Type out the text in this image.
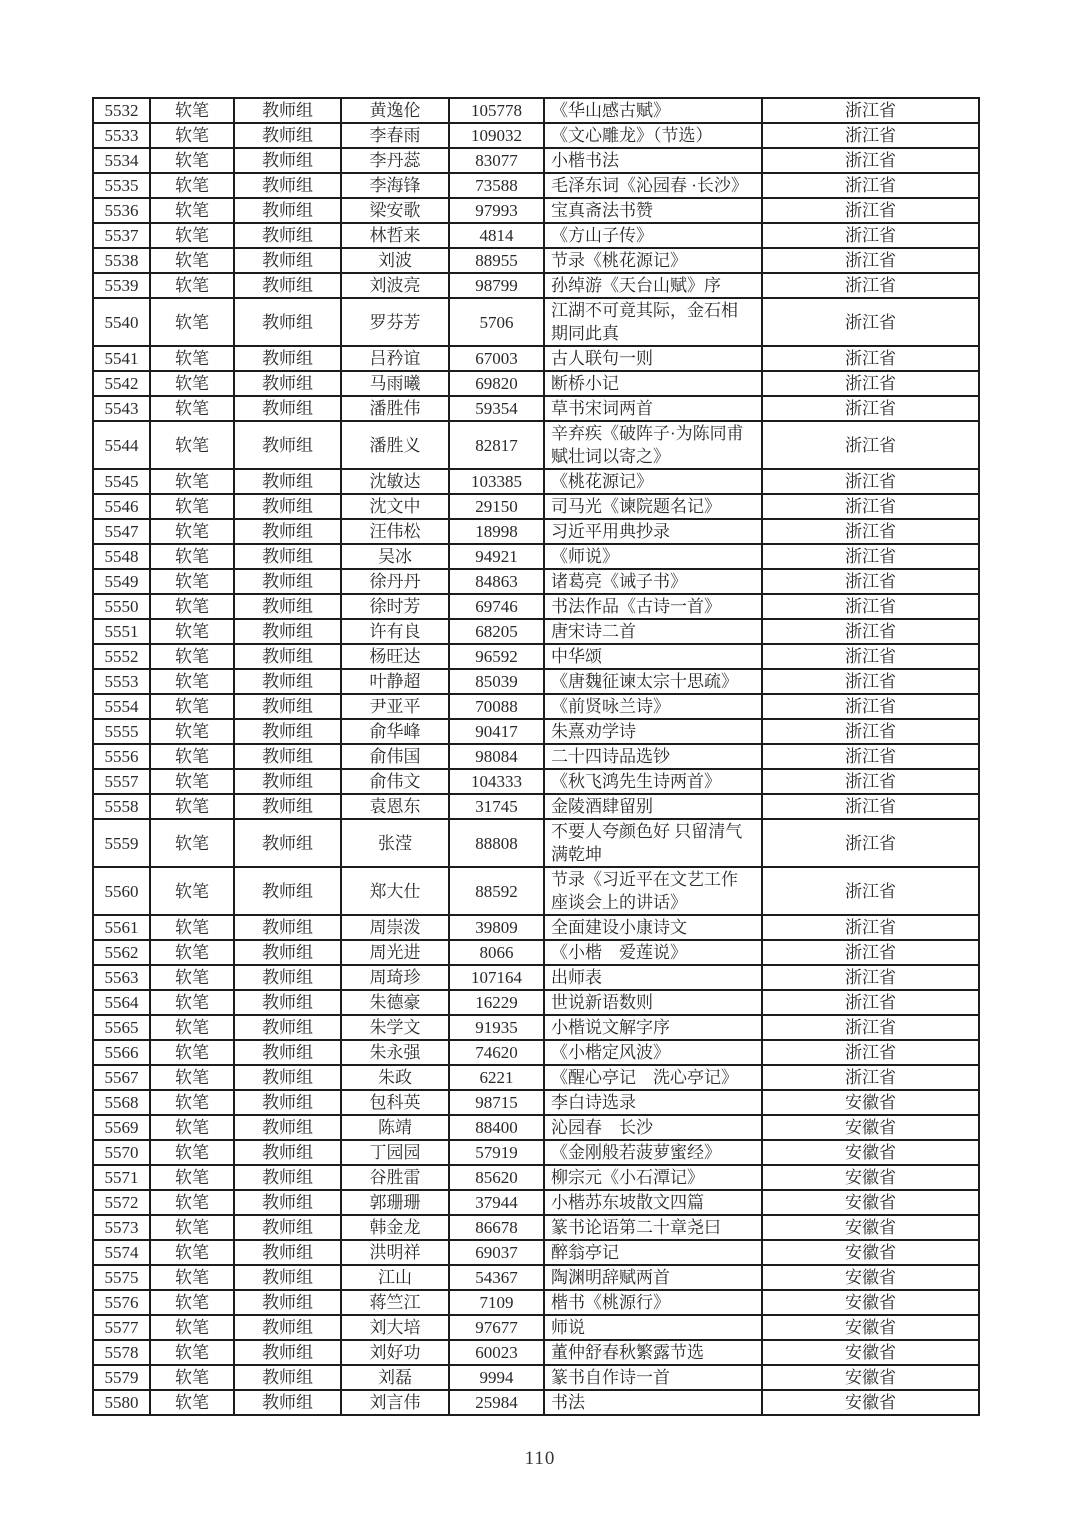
5532	软笔	教师组	黄逸伦	105778	《华山感古赋》	浙江省
5533	软笔	教师组	李春雨	109032	《文心雕龙》（节选）	浙江省
5534	软笔	教师组	李丹蕊	83077	小楷书法	浙江省
5535	软笔	教师组	李海锋	73588	毛泽东词《沁园春 ·长沙》	浙江省
5536	软笔	教师组	梁安歌	97993	宝真斋法书赞	浙江省
5537	软笔	教师组	林哲来	4814	《方山子传》	浙江省
5538	软笔	教师组	刘波	88955	节录《桃花源记》	浙江省
5539	软笔	教师组	刘波亮	98799	孙绰游《天台山赋》序	浙江省
5540	软笔	教师组	罗芬芳	5706	江湖不可竟其际，金石相期同此真	浙江省
5541	软笔	教师组	吕矜谊	67003	古人联句一则	浙江省
5542	软笔	教师组	马雨曦	69820	断桥小记	浙江省
5543	软笔	教师组	潘胜伟	59354	草书宋词两首	浙江省
5544	软笔	教师组	潘胜义	82817	辛弃疾《破阵子·为陈同甫赋壮词以寄之》	浙江省
5545	软笔	教师组	沈敏达	103385	《桃花源记》	浙江省
5546	软笔	教师组	沈文中	29150	司马光《谏院题名记》	浙江省
5547	软笔	教师组	汪伟松	18998	习近平用典抄录	浙江省
5548	软笔	教师组	吴冰	94921	《师说》	浙江省
5549	软笔	教师组	徐丹丹	84863	诸葛亮《诫子书》	浙江省
5550	软笔	教师组	徐时芳	69746	书法作品《古诗一首》	浙江省
5551	软笔	教师组	许有良	68205	唐宋诗二首	浙江省
5552	软笔	教师组	杨旺达	96592	中华颂	浙江省
5553	软笔	教师组	叶静超	85039	《唐魏征谏太宗十思疏》	浙江省
5554	软笔	教师组	尹亚平	70088	《前贤咏兰诗》	浙江省
5555	软笔	教师组	俞华峰	90417	朱熹劝学诗	浙江省
5556	软笔	教师组	俞伟国	98084	二十四诗品选钞	浙江省
5557	软笔	教师组	俞伟文	104333	《秋飞鸿先生诗两首》	浙江省
5558	软笔	教师组	袁恩东	31745	金陵酒肆留别	浙江省
5559	软笔	教师组	张滢	88808	不要人夸颜色好 只留清气满乾坤	浙江省
5560	软笔	教师组	郑大仕	88592	节录《习近平在文艺工作座谈会上的讲话》	浙江省
5561	软笔	教师组	周崇泼	39809	全面建设小康诗文	浙江省
5562	软笔	教师组	周光进	8066	《小楷　爱莲说》	浙江省
5563	软笔	教师组	周琦珍	107164	出师表	浙江省
5564	软笔	教师组	朱德豪	16229	世说新语数则	浙江省
5565	软笔	教师组	朱学文	91935	小楷说文解字序	浙江省
5566	软笔	教师组	朱永强	74620	《小楷定风波》	浙江省
5567	软笔	教师组	朱政	6221	《醒心亭记　洗心亭记》	浙江省
5568	软笔	教师组	包科英	98715	李白诗选录	安徽省
5569	软笔	教师组	陈靖	88400	沁园春　长沙	安徽省
5570	软笔	教师组	丁园园	57919	《金刚般若菠萝蜜经》	安徽省
5571	软笔	教师组	谷胜雷	85620	柳宗元《小石潭记》	安徽省
5572	软笔	教师组	郭珊珊	37944	小楷苏东坡散文四篇	安徽省
5573	软笔	教师组	韩金龙	86678	篆书论语第二十章尧曰	安徽省
5574	软笔	教师组	洪明祥	69037	醉翁亭记	安徽省
5575	软笔	教师组	江山	54367	陶渊明辞赋两首	安徽省
5576	软笔	教师组	蒋竺江	7109	楷书《桃源行》	安徽省
5577	软笔	教师组	刘大培	97677	师说	安徽省
5578	软笔	教师组	刘好功	60023	董仲舒春秋繁露节选	安徽省
5579	软笔	教师组	刘磊	9994	篆书自作诗一首	安徽省
5580	软笔	教师组	刘言伟	25984	书法	安徽省
110
